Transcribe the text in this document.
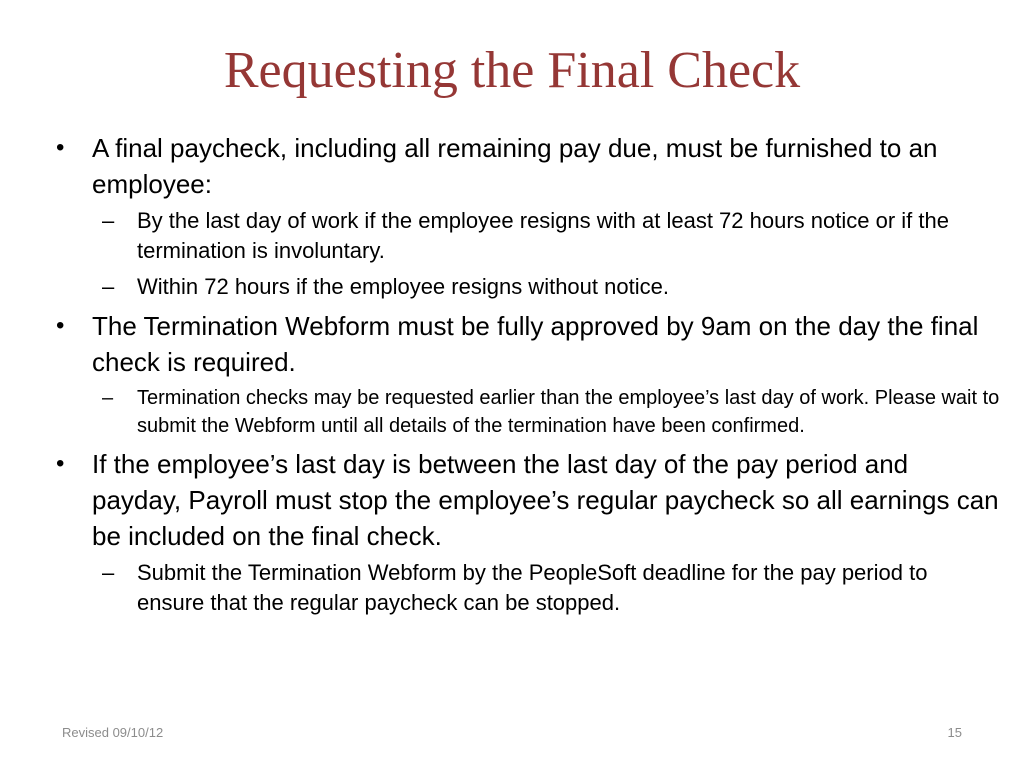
Requesting the Final Check
•	A final paycheck, including all remaining pay due, must be furnished to an employee:
– By the last day of work if the employee resigns with at least 72 hours notice or if the termination is involuntary.
– Within 72 hours if the employee resigns without notice.
•	The Termination Webform must be fully approved by 9am on the day the final check is required.
– Termination checks may be requested earlier than the employee’s last day of work. Please wait to submit the Webform until all details of the termination have been confirmed.
•	If the employee’s last day is between the last day of the pay period and payday, Payroll must stop the employee’s regular paycheck so all earnings can be included on the final check.
– Submit the Termination Webform by the PeopleSoft deadline for the pay period to ensure that the regular paycheck can be stopped.
Revised 09/10/12	15
